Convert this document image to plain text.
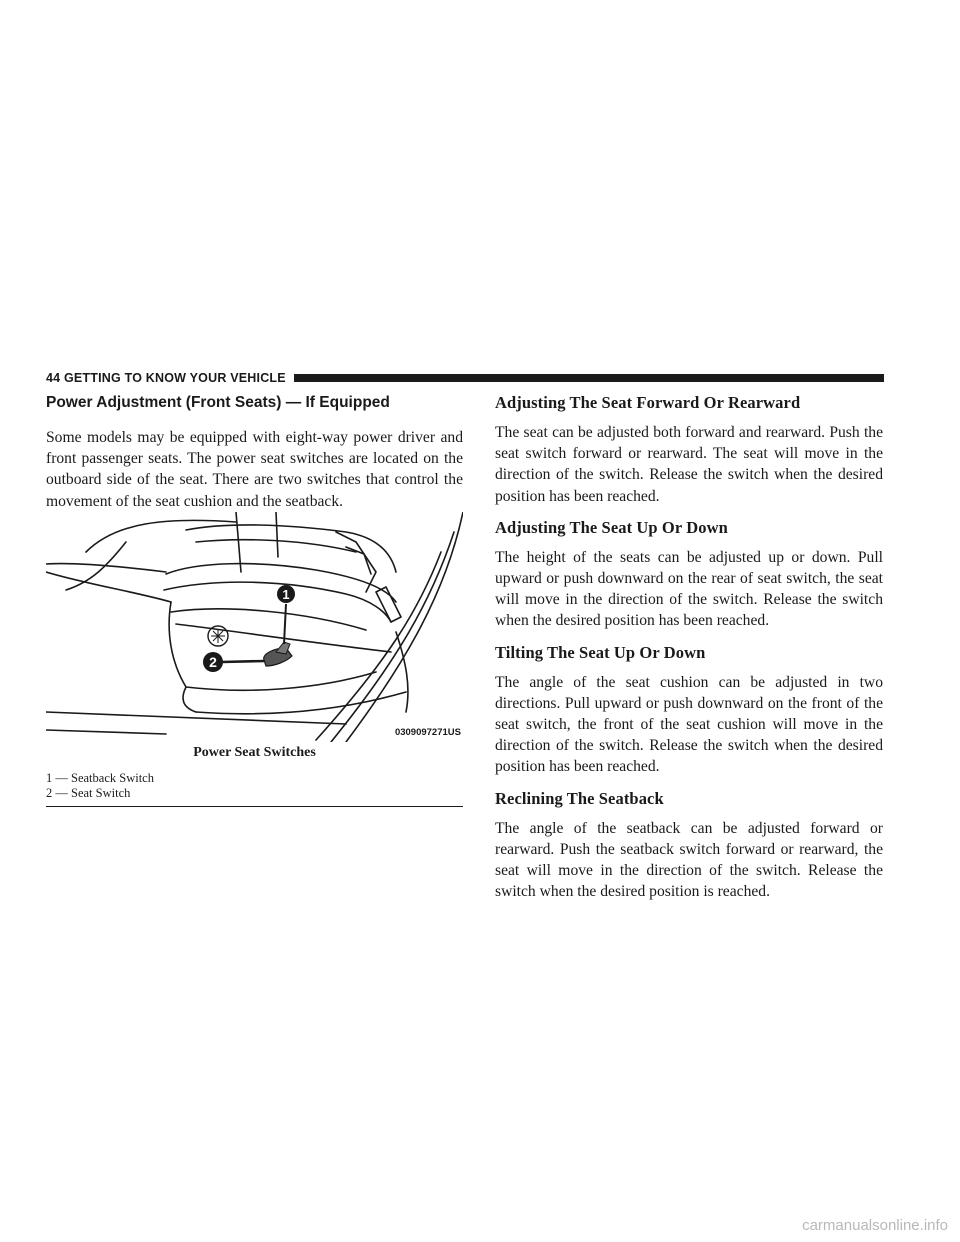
44 GETTING TO KNOW YOUR VEHICLE
Power Adjustment (Front Seats) — If Equipped

Some models may be equipped with eight-way power driver and front passenger seats. The power seat switches are located on the outboard side of the seat. There are two switches that control the movement of the seat cushion and the seatback.

1
2
0309097271US
Power Seat Switches
1 — Seatback Switch
2 — Seat Switch
Adjusting The Seat Forward Or Rearward

The seat can be adjusted both forward and rearward. Push the seat switch forward or rearward. The seat will move in the direction of the switch. Release the switch when the desired position has been reached.

Adjusting The Seat Up Or Down

The height of the seats can be adjusted up or down. Pull upward or push downward on the rear of seat switch, the seat will move in the direction of the switch. Release the switch when the desired position has been reached.

Tilting The Seat Up Or Down

The angle of the seat cushion can be adjusted in two directions. Pull upward or push downward on the front of the seat switch, the front of the seat cushion will move in the direction of the switch. Release the switch when the desired position has been reached.

Reclining The Seatback

The angle of the seatback can be adjusted forward or rearward. Push the seatback switch forward or rearward, the seat will move in the direction of the switch. Release the switch when the desired position is reached.

carmanualsonline.info
